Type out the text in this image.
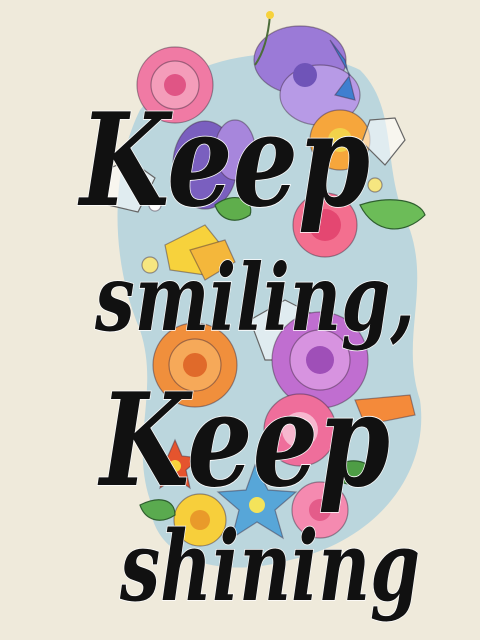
Keep
smiling,
Keep
shining
